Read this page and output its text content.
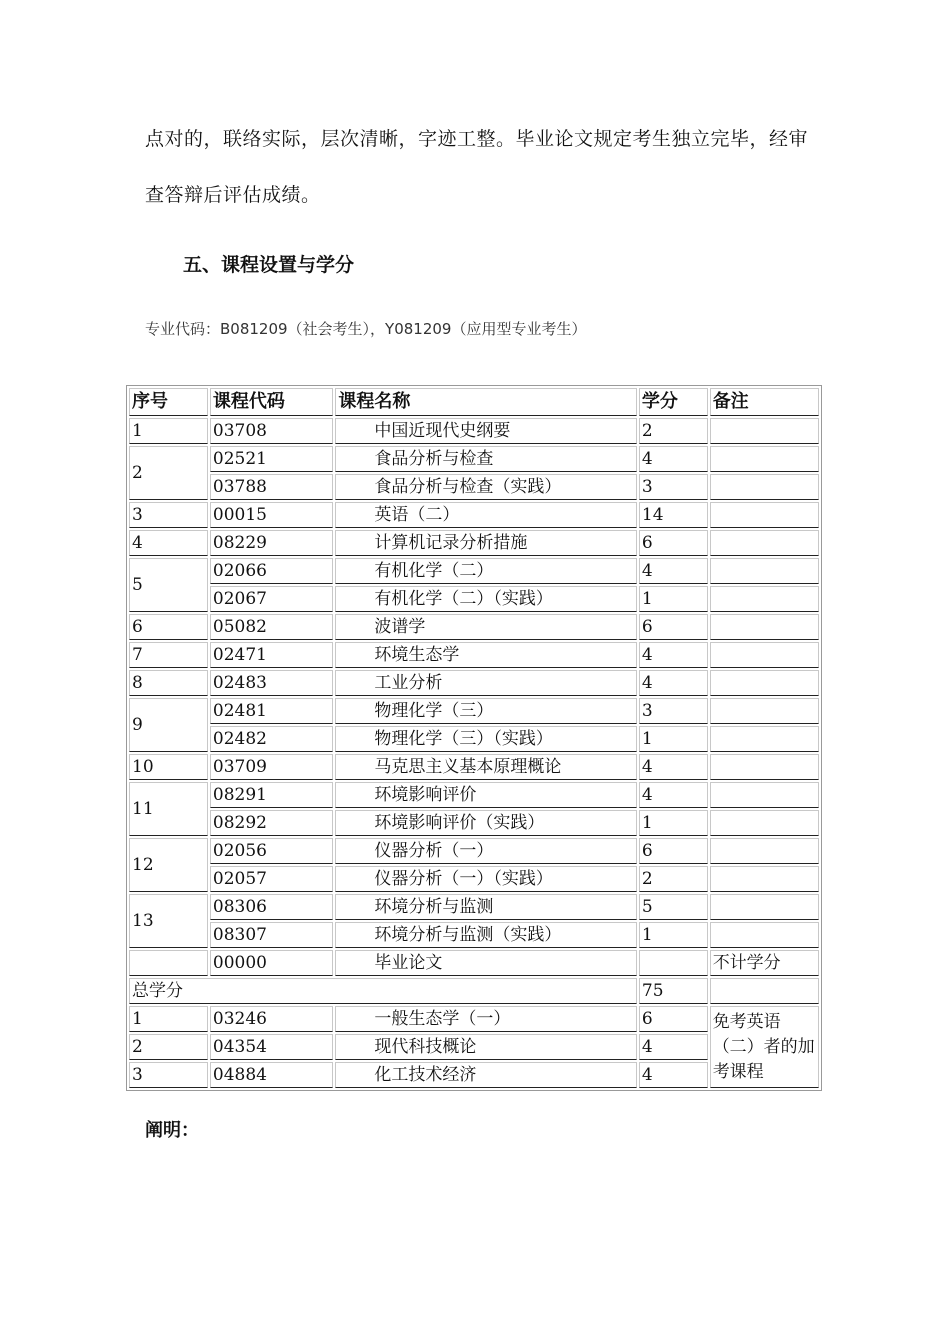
点对的，联络实际，层次清晰，字迹工整。毕业论文规定考生独立完毕，经审
查答辩后评估成绩。
五、课程设置与学分
专业代码：B081209（社会考生），Y081209（应用型专业考生）
序号	课程代码	课程名称	学分	备注
1	03708	中国近现代史纲要	2	
2	02521	食品分析与检查	4	
	03788	食品分析与检查（实践）	3	
3	00015	英语（二）	14	
4	08229	计算机记录分析措施	6	
5	02066	有机化学（二）	4	
	02067	有机化学（二）（实践）	1	
6	05082	波谱学	6	
7	02471	环境生态学	4	
8	02483	工业分析	4	
9	02481	物理化学（三）	3	
	02482	物理化学（三）（实践）	1	
10	03709	马克思主义基本原理概论	4	
11	08291	环境影响评价	4	
	08292	环境影响评价（实践）	1	
12	02056	仪器分析（一）	6	
	02057	仪器分析（一）（实践）	2	
13	08306	环境分析与监测	5	
	08307	环境分析与监测（实践）	1	
	00000	毕业论文		不计学分
总学分			75	
1	03246	一般生态学（一）	6	免考英语（二）者的加考课程
2	04354	现代科技概论	4	
3	04884	化工技术经济	4	
阐明：
